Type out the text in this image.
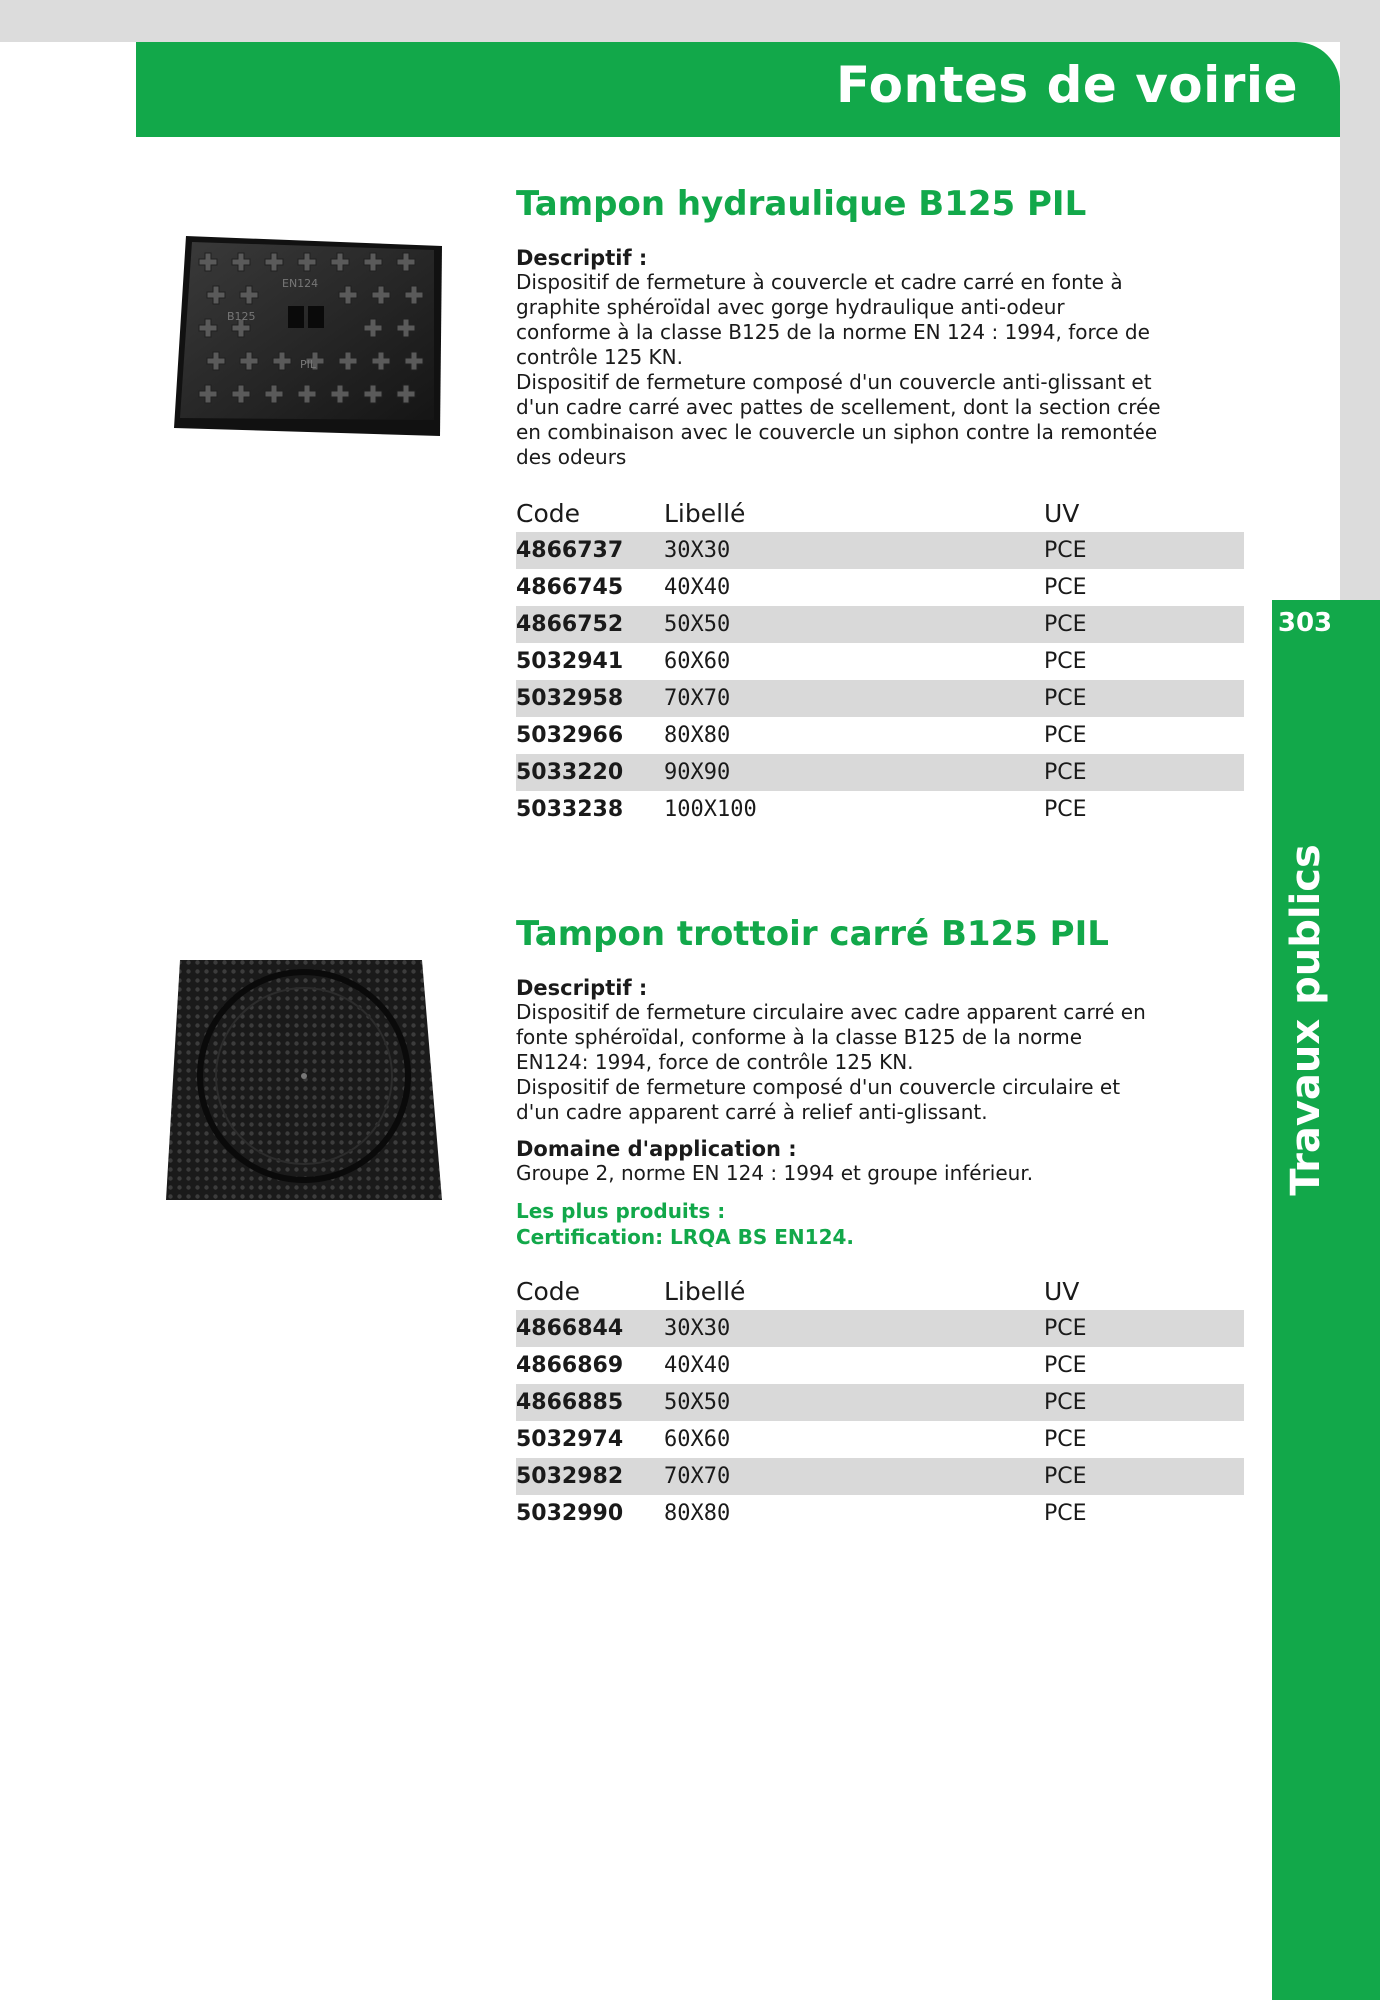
Fontes de voirie
303
Travaux publics
EN124
B125
PIL
Tampon hydraulique B125 PIL
Descriptif :
Dispositif de fermeture à couvercle et cadre carré en fonte à
graphite sphéroïdal avec gorge hydraulique anti-odeur
conforme à la classe B125 de la norme EN 124 : 1994, force de
contrôle 125 KN.
Dispositif de fermeture composé d'un couvercle anti-glissant et
d'un cadre carré avec pattes de scellement, dont la section crée
en combinaison avec le couvercle un siphon contre la remontée
des odeurs
Code	Libellé	UV
4866737	30X30	PCE
4866745	40X40	PCE
4866752	50X50	PCE
5032941	60X60	PCE
5032958	70X70	PCE
5032966	80X80	PCE
5033220	90X90	PCE
5033238	100X100	PCE
Tampon trottoir carré B125 PIL
Descriptif :
Dispositif de fermeture circulaire avec cadre apparent carré en
fonte sphéroïdal, conforme à la classe B125 de la norme
EN124: 1994, force de contrôle 125 KN.
Dispositif de fermeture composé d'un couvercle circulaire et
d'un cadre apparent carré à relief anti-glissant.
Domaine d'application :
Groupe 2, norme EN 124 : 1994 et groupe inférieur.
Les plus produits :
Certification: LRQA BS EN124.
Code	Libellé	UV
4866844	30X30	PCE
4866869	40X40	PCE
4866885	50X50	PCE
5032974	60X60	PCE
5032982	70X70	PCE
5032990	80X80	PCE
